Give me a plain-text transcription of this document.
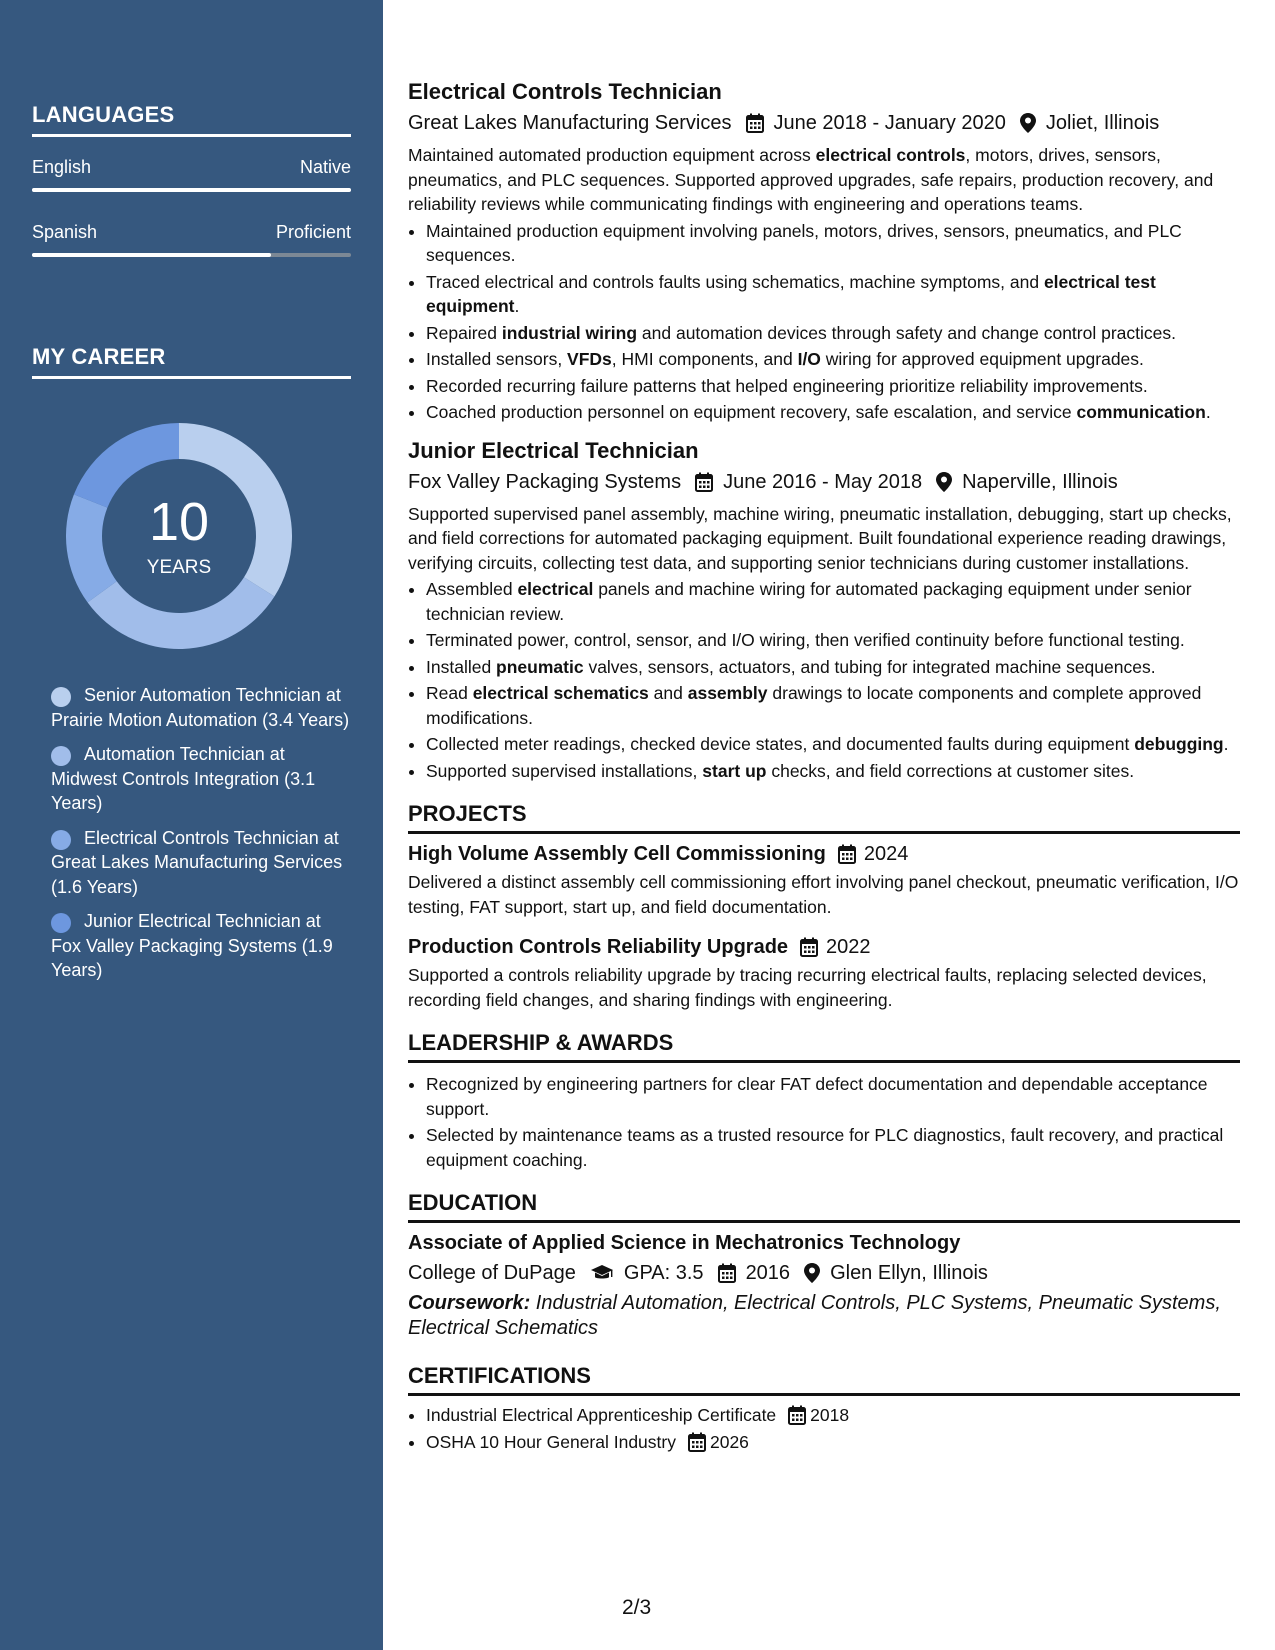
LANGUAGES
English	Native
Spanish	Proficient
MY CAREER
10
YEARS
Senior Automation Technician at Prairie Motion Automation (3.4 Years)
Automation Technician at Midwest Controls Integration (3.1 Years)
Electrical Controls Technician at Great Lakes Manufacturing Services (1.6 Years)
Junior Electrical Technician at Fox Valley Packaging Systems (1.9 Years)
Electrical Controls Technician
Great Lakes Manufacturing Services June 2018 - January 2020 Joliet, Illinois
Maintained automated production equipment across electrical controls, motors, drives, sensors, pneumatics, and PLC sequences. Supported approved upgrades, safe repairs, production recovery, and reliability reviews while communicating findings with engineering and operations teams.
• Maintained production equipment involving panels, motors, drives, sensors, pneumatics, and PLC sequences.
• Traced electrical and controls faults using schematics, machine symptoms, and electrical test equipment.
• Repaired industrial wiring and automation devices through safety and change control practices.
• Installed sensors, VFDs, HMI components, and I/O wiring for approved equipment upgrades.
• Recorded recurring failure patterns that helped engineering prioritize reliability improvements.
• Coached production personnel on equipment recovery, safe escalation, and service communication.
Junior Electrical Technician
Fox Valley Packaging Systems June 2016 - May 2018 Naperville, Illinois
Supported supervised panel assembly, machine wiring, pneumatic installation, debugging, start up checks, and field corrections for automated packaging equipment. Built foundational experience reading drawings, verifying circuits, collecting test data, and supporting senior technicians during customer installations.
• Assembled electrical panels and machine wiring for automated packaging equipment under senior technician review.
• Terminated power, control, sensor, and I/O wiring, then verified continuity before functional testing.
• Installed pneumatic valves, sensors, actuators, and tubing for integrated machine sequences.
• Read electrical schematics and assembly drawings to locate components and complete approved modifications.
• Collected meter readings, checked device states, and documented faults during equipment debugging.
• Supported supervised installations, start up checks, and field corrections at customer sites.
PROJECTS
High Volume Assembly Cell Commissioning 2024
Delivered a distinct assembly cell commissioning effort involving panel checkout, pneumatic verification, I/O testing, FAT support, start up, and field documentation.
Production Controls Reliability Upgrade 2022
Supported a controls reliability upgrade by tracing recurring electrical faults, replacing selected devices, recording field changes, and sharing findings with engineering.
LEADERSHIP & AWARDS
• Recognized by engineering partners for clear FAT defect documentation and dependable acceptance support.
• Selected by maintenance teams as a trusted resource for PLC diagnostics, fault recovery, and practical equipment coaching.
EDUCATION
Associate of Applied Science in Mechatronics Technology
College of DuPage GPA: 3.5 2016 Glen Ellyn, Illinois
Coursework: Industrial Automation, Electrical Controls, PLC Systems, Pneumatic Systems, Electrical Schematics
CERTIFICATIONS
• Industrial Electrical Apprenticeship Certificate 2018
• OSHA 10 Hour General Industry 2026
2/3
